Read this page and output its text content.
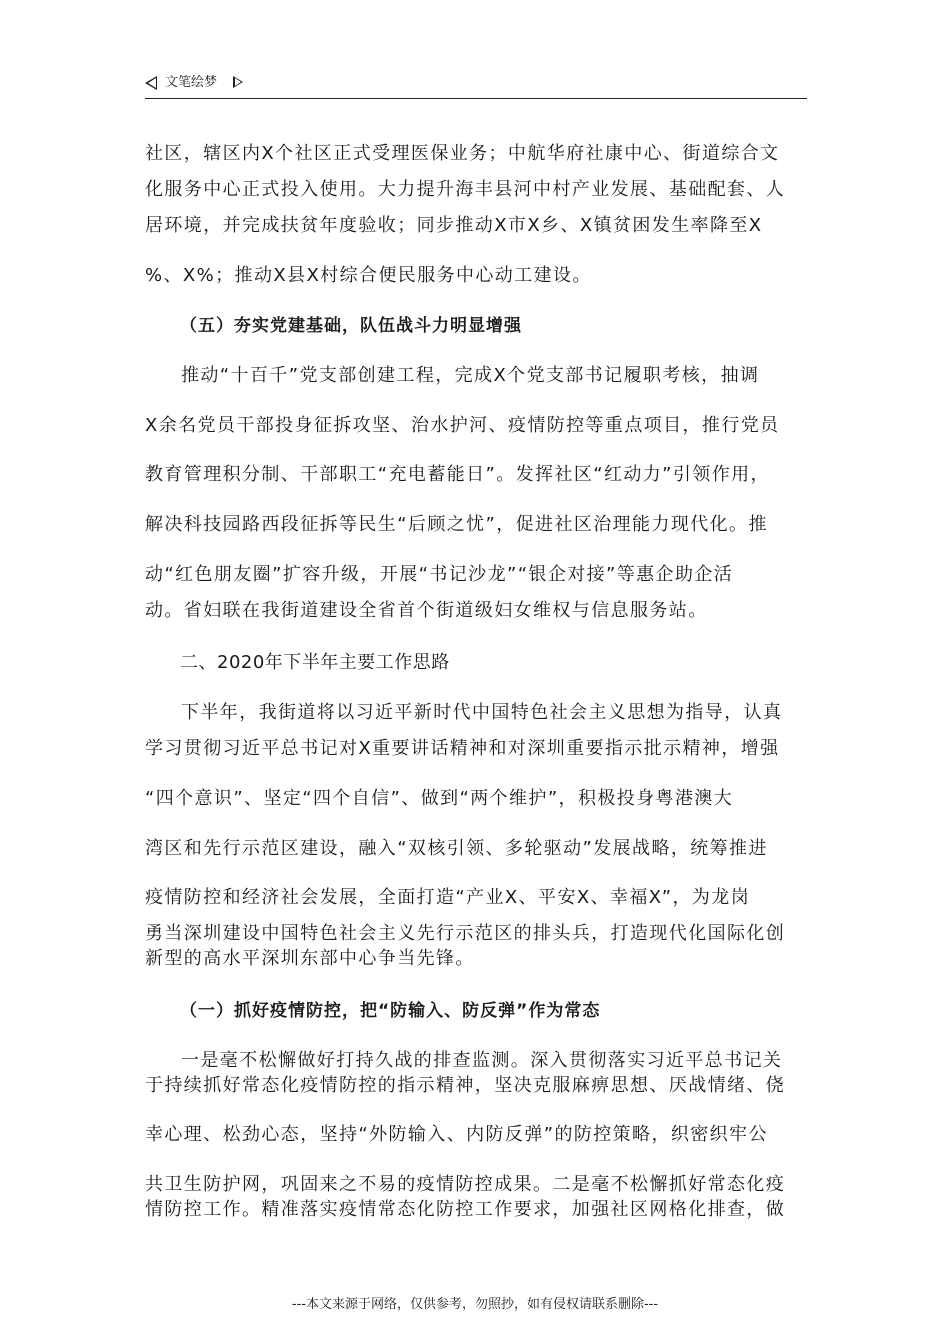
文笔绘梦
社区，辖区内X个社区正式受理医保业务；中航华府社康中心、街道综合文
化服务中心正式投入使用。大力提升海丰县河中村产业发展、基础配套、人
居环境，并完成扶贫年度验收；同步推动X市X乡、X镇贫困发生率降至X
%、X%；推动X县X村综合便民服务中心动工建设。
（五）夯实党建基础，队伍战斗力明显增强
推动“十百千”党支部创建工程，完成X个党支部书记履职考核，抽调
X余名党员干部投身征拆攻坚、治水护河、疫情防控等重点项目，推行党员
教育管理积分制、干部职工“充电蓄能日”。发挥社区“红动力”引领作用，
解决科技园路西段征拆等民生“后顾之忧”，促进社区治理能力现代化。推
动“红色朋友圈”扩容升级，开展“书记沙龙”“银企对接”等惠企助企活
动。省妇联在我街道建设全省首个街道级妇女维权与信息服务站。
二、2020年下半年主要工作思路
下半年，我街道将以习近平新时代中国特色社会主义思想为指导，认真
学习贯彻习近平总书记对X重要讲话精神和对深圳重要指示批示精神，增强
“四个意识”、坚定“四个自信”、做到“两个维护”，积极投身粤港澳大
湾区和先行示范区建设，融入“双核引领、多轮驱动”发展战略，统筹推进
疫情防控和经济社会发展，全面打造“产业X、平安X、幸福X”，为龙岗
勇当深圳建设中国特色社会主义先行示范区的排头兵，打造现代化国际化创
新型的高水平深圳东部中心争当先锋。
（一）抓好疫情防控，把“防输入、防反弹”作为常态
一是毫不松懈做好打持久战的排查监测。深入贯彻落实习近平总书记关
于持续抓好常态化疫情防控的指示精神，坚决克服麻痹思想、厌战情绪、侥
幸心理、松劲心态，坚持“外防输入、内防反弹”的防控策略，织密织牢公
共卫生防护网，巩固来之不易的疫情防控成果。二是毫不松懈抓好常态化疫
情防控工作。精准落实疫情常态化防控工作要求，加强社区网格化排查，做
---本文来源于网络，仅供参考，勿照抄，如有侵权请联系删除---
